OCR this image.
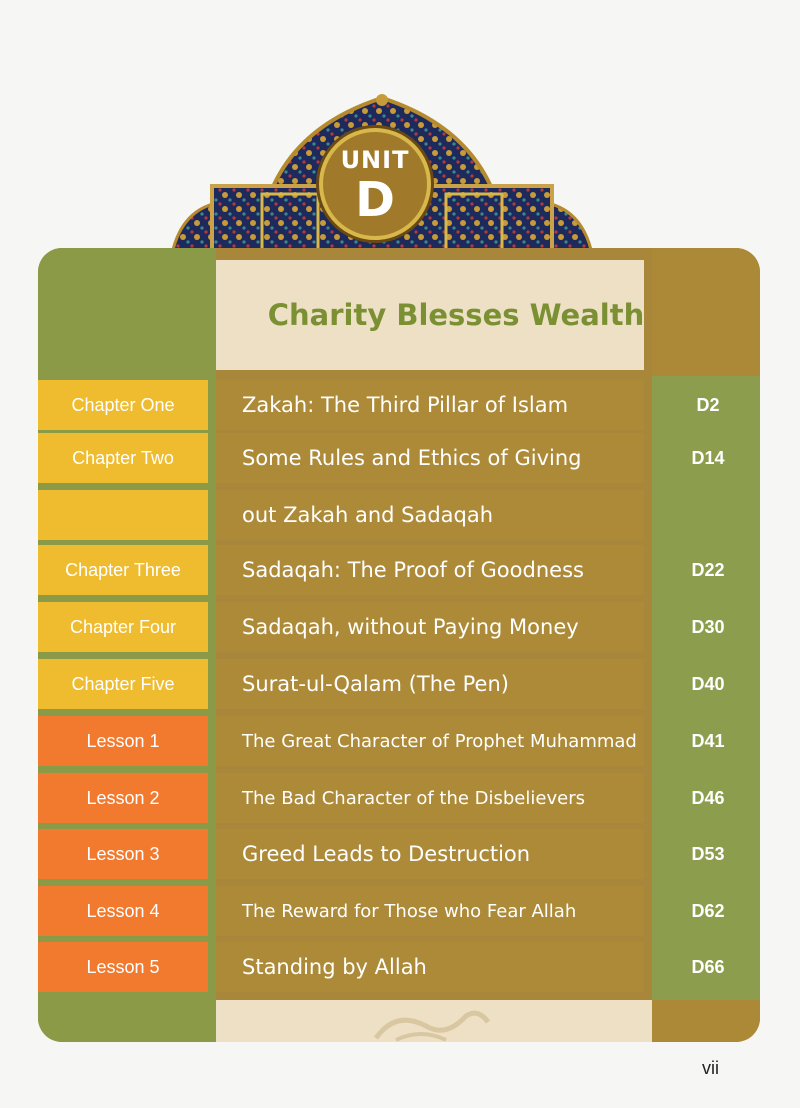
UNIT
D
Charity Blesses Wealth
Chapter One	Zakah: The Third Pillar of Islam	D2
Chapter Two	Some Rules and Ethics of Giving	D14
out Zakah and Sadaqah
Chapter Three	Sadaqah: The Proof of Goodness	D22
Chapter Four	Sadaqah, without Paying Money	D30
Chapter Five	Surat-ul-Qalam (The Pen)	D40
Lesson 1	The Great Character of Prophet Muhammad	D41
Lesson 2	The Bad Character of the Disbelievers	D46
Lesson 3	Greed Leads to Destruction	D53
Lesson 4	The Reward for Those who Fear Allah	D62
Lesson 5	Standing by Allah	D66
vii
